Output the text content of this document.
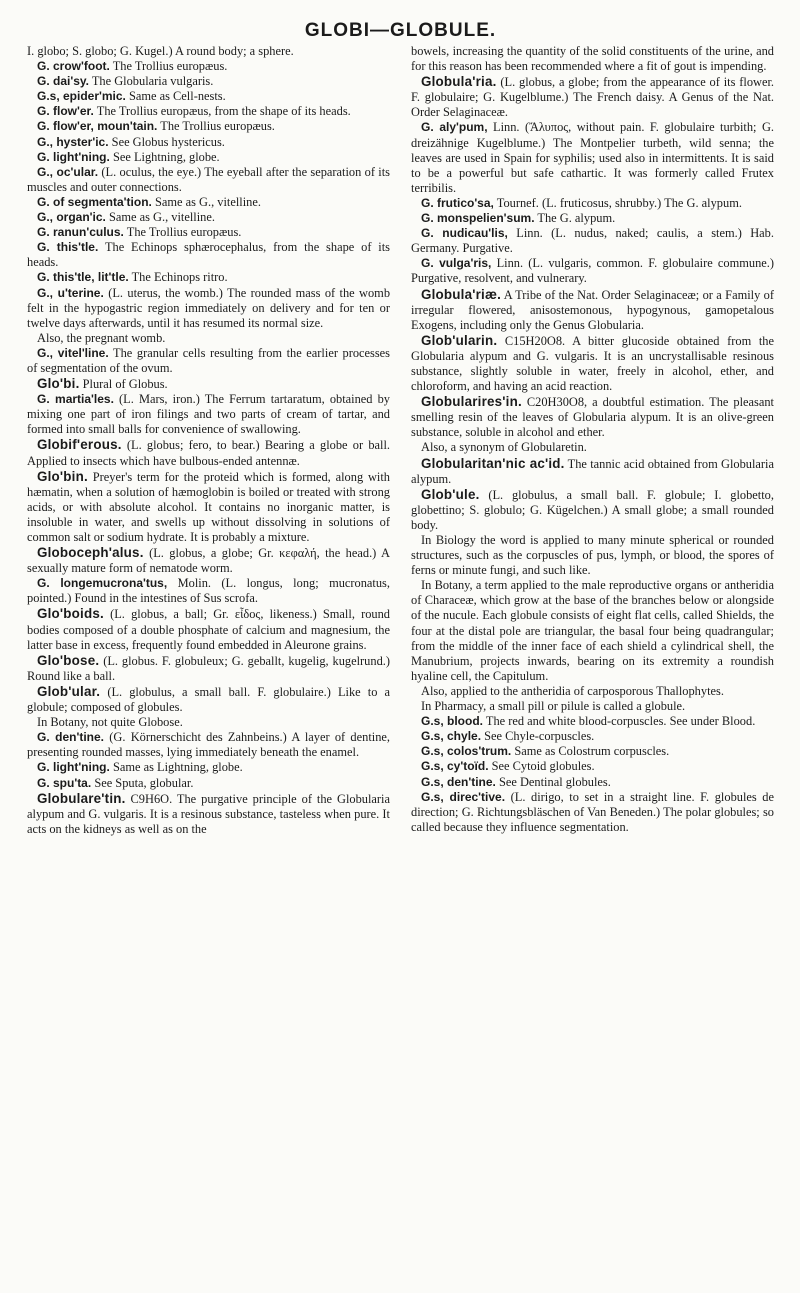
GLOBI—GLOBULE.

I. globo; S. globo; G. Kugel.) A round body; a sphere.

G. crow'foot. The Trollius europæus.

G. dai'sy. The Globularia vulgaris.

G.s, epider'mic. Same as Cell-nests.

G. flow'er. The Trollius europæus, from the shape of its heads.

G. flow'er, moun'tain. The Trollius europæus.

G., hyster'ic. See Globus hystericus.

G. light'ning. See Lightning, globe.

G., oc'ular. (L. oculus, the eye.) The eyeball after the separation of its muscles and outer connections.

G. of segmenta'tion. Same as G., vitelline.

G., organ'ic. Same as G., vitelline.

G. ranun'culus. The Trollius europæus.

G. this'tle. The Echinops sphærocephalus, from the shape of its heads.

G. this'tle, lit'tle. The Echinops ritro.

G., u'terine. (L. uterus, the womb.) The rounded mass of the womb felt in the hypogastric region immediately on delivery and for ten or twelve days afterwards, until it has resumed its normal size.

Also, the pregnant womb.

G., vitel'line. The granular cells resulting from the earlier processes of segmentation of the ovum.

Glo'bi. Plural of Globus.

G. martia'les. (L. Mars, iron.) The Ferrum tartaratum, obtained by mixing one part of iron filings and two parts of cream of tartar, and formed into small balls for convenience of swallowing.

Globif'erous. (L. globus; fero, to bear.) Bearing a globe or ball. Applied to insects which have bulbous-ended antennæ.

Glo'bin. Preyer's term for the proteid which is formed, along with hæmatin, when a solution of hæmoglobin is boiled or treated with strong acids, or with absolute alcohol. It contains no inorganic matter, is insoluble in water, and swells up without dissolving in solutions of common salt or sodium hydrate. It is probably a mixture.

Globoceph'alus. (L. globus, a globe; Gr. κεφαλή, the head.) A sexually mature form of nematode worm.

G. longemucrona'tus, Molin. (L. longus, long; mucronatus, pointed.) Found in the intestines of Sus scrofa.

Glo'boids. (L. globus, a ball; Gr. εἶδος, likeness.) Small, round bodies composed of a double phosphate of calcium and magnesium, the latter base in excess, frequently found embedded in Aleurone grains.

Glo'bose. (L. globus. F. globuleux; G. geballt, kugelig, kugelrund.) Round like a ball.

Glob'ular. (L. globulus, a small ball. F. globulaire.) Like to a globule; composed of globules.

In Botany, not quite Globose.

G. den'tine. (G. Körnerschicht des Zahnbeins.) A layer of dentine, presenting rounded masses, lying immediately beneath the enamel.

G. light'ning. Same as Lightning, globe.

G. spu'ta. See Sputa, globular.

Globulare'tin. C9H6O. The purgative principle of the Globularia alypum and G. vulgaris. It is a resinous substance, tasteless when pure. It acts on the kidneys as well as on the

bowels, increasing the quantity of the solid constituents of the urine, and for this reason has been recommended where a fit of gout is impending.

Globula'ria. (L. globus, a globe; from the appearance of its flower. F. globulaire; G. Kugelblume.) The French daisy. A Genus of the Nat. Order Selaginaceæ.

G. aly'pum, Linn. (Ἄλυπος, without pain. F. globulaire turbith; G. dreizähnige Kugelblume.) The Montpelier turbeth, wild senna; the leaves are used in Spain for syphilis; used also in intermittents. It is said to be a powerful but safe cathartic. It was formerly called Frutex terribilis.

G. frutico'sa, Tournef. (L. fruticosus, shrubby.) The G. alypum.

G. monspelien'sum. The G. alypum.

G. nudicau'lis, Linn. (L. nudus, naked; caulis, a stem.) Hab. Germany. Purgative.

G. vulga'ris, Linn. (L. vulgaris, common. F. globulaire commune.) Purgative, resolvent, and vulnerary.

Globula'riæ. A Tribe of the Nat. Order Selaginaceæ; or a Family of irregular flowered, anisostemonous, hypogynous, gamopetalous Exogens, including only the Genus Globularia.

Glob'ularin. C15H20O8. A bitter glucoside obtained from the Globularia alypum and G. vulgaris. It is an uncrystallisable resinous substance, slightly soluble in water, freely in alcohol, ether, and chloroform, and having an acid reaction.

Globularires'in. C20H30O8, a doubtful estimation. The pleasant smelling resin of the leaves of Globularia alypum. It is an olive-green substance, soluble in alcohol and ether.

Also, a synonym of Globularetin.

Globularitan'nic ac'id. The tannic acid obtained from Globularia alypum.

Glob'ule. (L. globulus, a small ball. F. globule; I. globetto, globettino; S. globulo; G. Kügelchen.) A small globe; a small rounded body.

In Biology the word is applied to many minute spherical or rounded structures, such as the corpuscles of pus, lymph, or blood, the spores of ferns or minute fungi, and such like.

In Botany, a term applied to the male reproductive organs or antheridia of Characeæ, which grow at the base of the branches below or alongside of the nucule. Each globule consists of eight flat cells, called Shields, the four at the distal pole are triangular, the basal four being quadrangular; from the middle of the inner face of each shield a cylindrical shell, the Manubrium, projects inwards, bearing on its extremity a roundish hyaline cell, the Capitulum.

Also, applied to the antheridia of carposporous Thallophytes.

In Pharmacy, a small pill or pilule is called a globule.

G.s, blood. The red and white blood-corpuscles. See under Blood.

G.s, chyle. See Chyle-corpuscles.

G.s, colos'trum. Same as Colostrum corpuscles.

G.s, cy'toïd. See Cytoid globules.

G.s, den'tine. See Dentinal globules.

G.s, direc'tive. (L. dirigo, to set in a straight line. F. globules de direction; G. Richtungsbläschen of Van Beneden.) The polar globules; so called because they influence segmentation.
